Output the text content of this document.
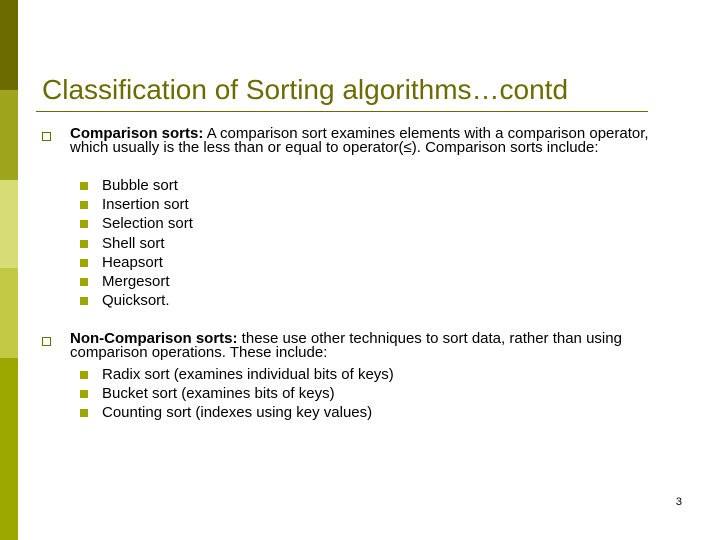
Classification of Sorting algorithms…contd
Comparison sorts: A comparison sort examines elements with a comparison operator, which usually is the less than or equal to operator(≤). Comparison sorts include:
Bubble sort
Insertion sort
Selection sort
Shell sort
Heapsort
Mergesort
Quicksort.
Non-Comparison sorts: these use other techniques to sort data, rather than using comparison operations. These include:
Radix sort (examines individual bits of keys)
Bucket sort (examines bits of keys)
Counting sort (indexes using key values)
3
